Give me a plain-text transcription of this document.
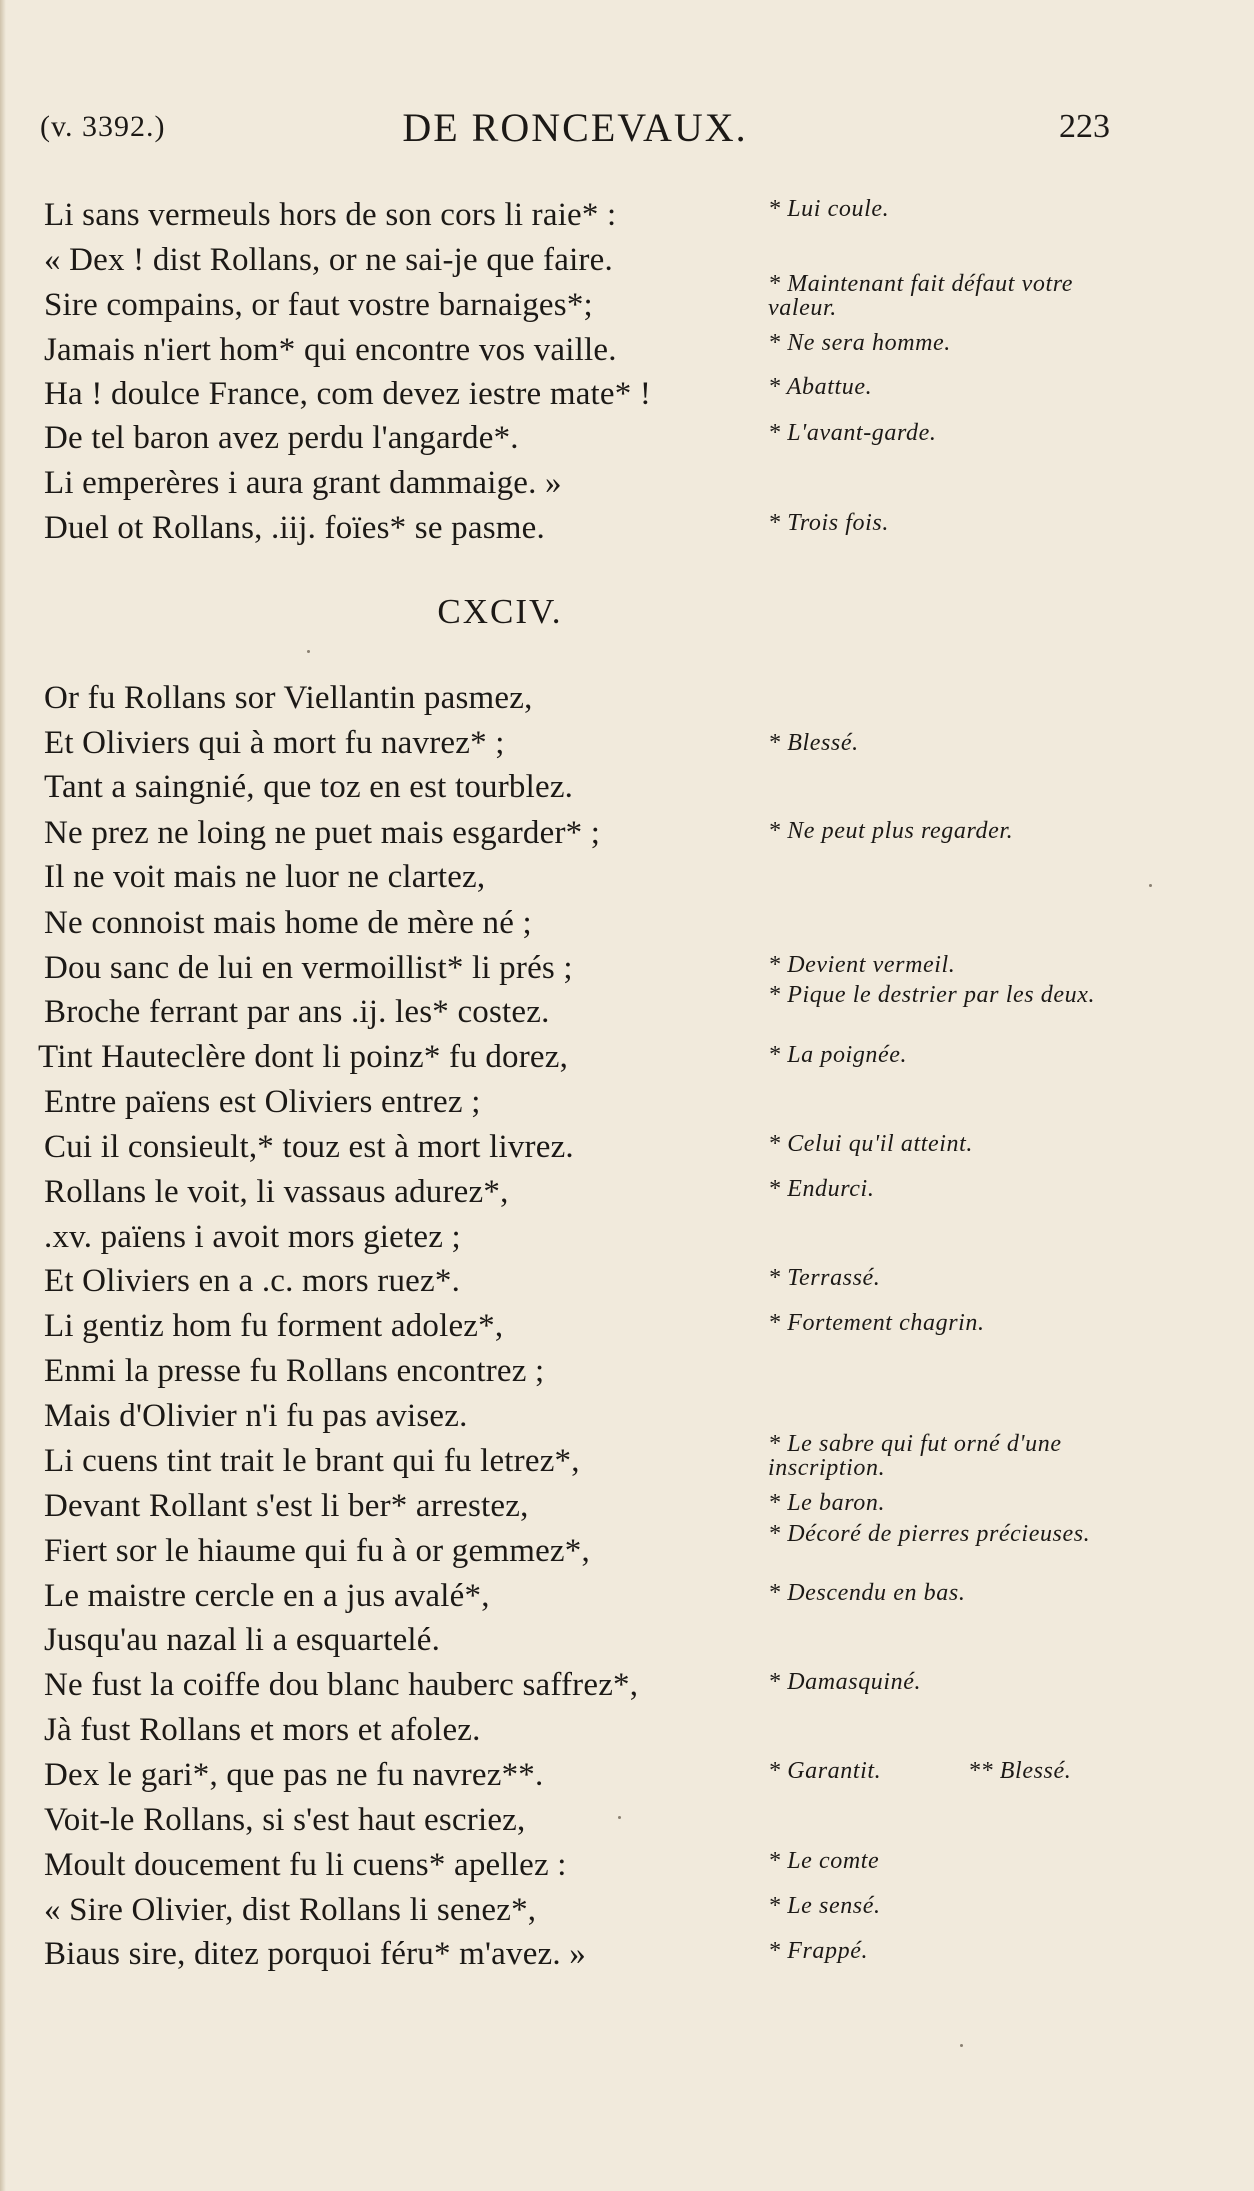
(v. 3392.)	DE RONCEVAUX.	223
Li sans vermeuls hors de son cors li raie* :
« Dex ! dist Rollans, or ne sai-je que faire.
Sire compains, or faut vostre barnaiges*;
Jamais n'iert hom* qui encontre vos vaille.
Ha ! doulce France, com devez iestre mate* !
De tel baron avez perdu l'angarde*.
Li emperères i aura grant dammaige. »
Duel ot Rollans, .iij. foïes* se pasme.
Or fu Rollans sor Viellantin pasmez,
Et Oliviers qui à mort fu navrez* ;
Tant a saingnié, que toz en est tourblez.
Ne prez ne loing ne puet mais esgarder* ;
Il ne voit mais ne luor ne clartez,
Ne connoist mais home de mère né ;
Dou sanc de lui en vermoillist* li prés ;
Broche ferrant par ans .ij. les* costez.
Tint Hauteclère dont li poinz* fu dorez,
Entre païens est Oliviers entrez ;
Cui il consieult,* touz est à mort livrez.
Rollans le voit, li vassaus adurez*,
.xv. païens i avoit mors gietez ;
Et Oliviers en a .c. mors ruez*.
Li gentiz hom fu forment adolez*,
Enmi la presse fu Rollans encontrez ;
Mais d'Olivier n'i fu pas avisez.
Li cuens tint trait le brant qui fu letrez*,
Devant Rollant s'est li ber* arrestez,
Fiert sor le hiaume qui fu à or gemmez*,
Le maistre cercle en a jus avalé*,
Jusqu'au nazal li a esquartelé.
Ne fust la coiffe dou blanc hauberc saffrez*,
Jà fust Rollans et mors et afolez.
Dex le gari*, que pas ne fu navrez**.
Voit-le Rollans, si s'est haut escriez,
Moult doucement fu li cuens* apellez :
« Sire Olivier, dist Rollans li senez*,
Biaus sire, ditez porquoi féru* m'avez. »
CXCIV.
* Lui coule.
* Maintenant fait défaut votre valeur.
* Ne sera homme.
* Abattue.
* L'avant-garde.
* Trois fois.
* Blessé.
* Ne peut plus regarder.
* Devient vermeil.
* Pique le destrier par les deux.
* La poignée.
* Celui qu'il atteint.
* Endurci.
* Terrassé.
* Fortement chagrin.
* Le sabre qui fut orné d'une inscription.
* Le baron.
* Décoré de pierres précieuses.
* Descendu en bas.
* Damasquiné.
* Garantit.	** Blessé.
* Le comte
* Le sensé.
* Frappé.
